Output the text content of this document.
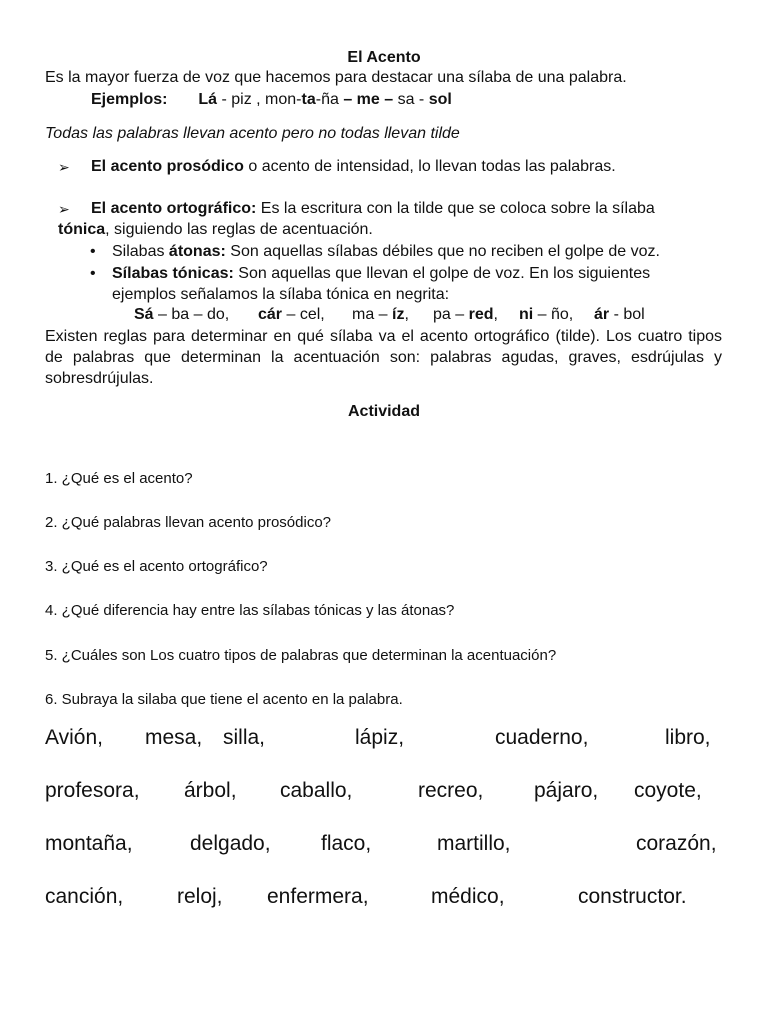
El Acento
Es la mayor fuerza de voz que hacemos para destacar una sílaba de una palabra.
Ejemplos: Lá - piz , mon-ta-ña – me – sa - sol
Todas las palabras llevan acento pero no todas llevan tilde
➢ El acento prosódico o acento de intensidad, lo llevan todas las palabras.
➢ El acento ortográfico: Es la escritura con la tilde que se coloca sobre la sílaba
tónica, siguiendo las reglas de acentuación.
• Silabas átonas: Son aquellas sílabas débiles que no reciben el golpe de voz.
• Sílabas tónicas: Son aquellas que llevan el golpe de voz. En los siguientes
ejemplos señalamos la sílaba tónica en negrita:
Sá – ba – do, cár – cel, ma – íz, pa – red, ni – ño, ár - bol
Existen reglas para determinar en qué sílaba va el acento ortográfico (tilde). Los cuatro tipos de palabras que determinan la acentuación son: palabras agudas, graves, esdrújulas y sobresdrújulas.
Actividad
1. ¿Qué es el acento?
2. ¿Qué palabras llevan acento prosódico?
3. ¿Qué es el acento ortográfico?
4. ¿Qué diferencia hay entre las sílabas tónicas y las átonas?
5. ¿Cuáles son Los cuatro tipos de palabras que determinan la acentuación?
6. Subraya la silaba que tiene el acento en la palabra.
Avión, mesa, silla,	lápiz,	cuaderno,	libro,
profesora, árbol, caballo,	recreo, pájaro, coyote,
montaña,	delgado, flaco,	martillo,	corazón,
canción,	reloj, enfermera,	médico,	constructor.
